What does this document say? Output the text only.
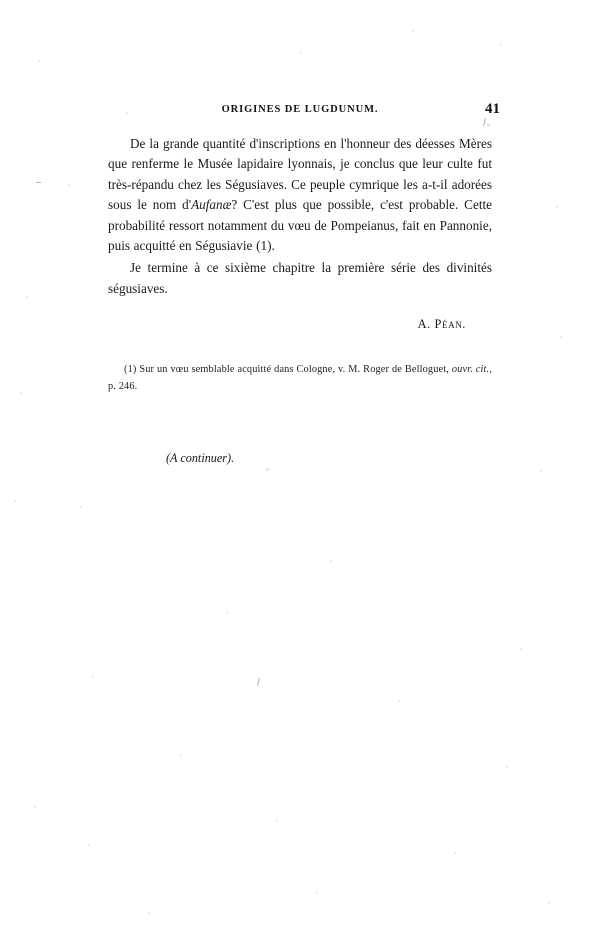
ORIGINES DE LUGDUNUM.	41

De la grande quantité d'inscriptions en l'honneur des déesses Mères que renferme le Musée lapidaire lyonnais, je conclus que leur culte fut très-répandu chez les Ségusiaves. Ce peuple cymrique les a-t-il adorées sous le nom d'Aufanæ? C'est plus que possible, c'est probable. Cette probabilité ressort notamment du vœu de Pompeianus, fait en Pannonie, puis acquitté en Ségusiavie (1).

Je termine à ce sixième chapitre la première série des divinités ségusiaves.

A. Péan.
(1) Sur un vœu semblable acquitté dans Cologne, v. M. Roger de Belloguet, ouvr. cit., p. 246.
(A continuer).
